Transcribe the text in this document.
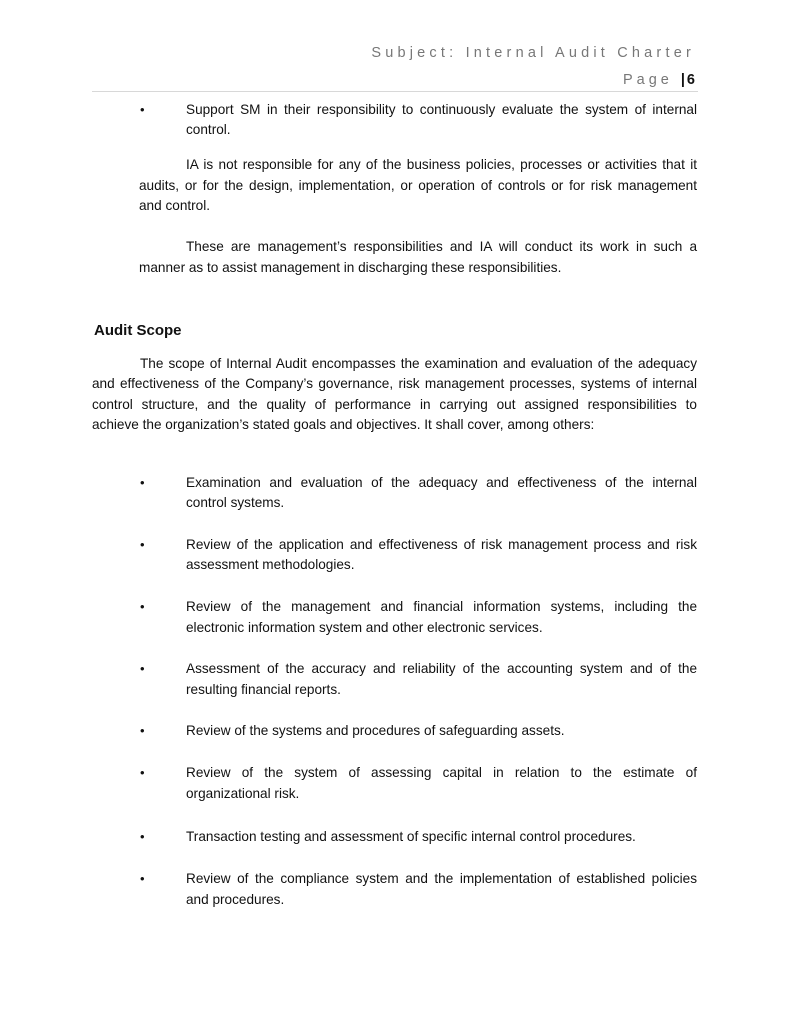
Subject: Internal Audit Charter
Page |6
•	Support SM in their responsibility to continuously evaluate the system of internal
control.
IA is not responsible for any of the business policies, processes or activities that it
audits, or for the design, implementation, or operation of controls or for risk management
and control.
These are management’s responsibilities and IA will conduct its work in such a
manner as to assist management in discharging these responsibilities.
Audit Scope
The scope of Internal Audit encompasses the examination and evaluation of the adequacy
and effectiveness of the Company’s governance, risk management processes, systems of internal
control structure, and the quality of performance in carrying out assigned responsibilities to
achieve the organization’s stated goals and objectives. It shall cover, among others:
•	Examination and evaluation of the adequacy and effectiveness of the internal
control systems.
•	Review of the application and effectiveness of risk management process and risk
assessment methodologies.
•	Review of the management and financial information systems, including the
electronic information system and other electronic services.
•	Assessment of the accuracy and reliability of the accounting system and of the
resulting financial reports.
•	Review of the systems and procedures of safeguarding assets.
•	Review of the system of assessing capital in relation to the estimate of
organizational risk.
•	Transaction testing and assessment of specific internal control procedures.
•	Review of the compliance system and the implementation of established policies
and procedures.
